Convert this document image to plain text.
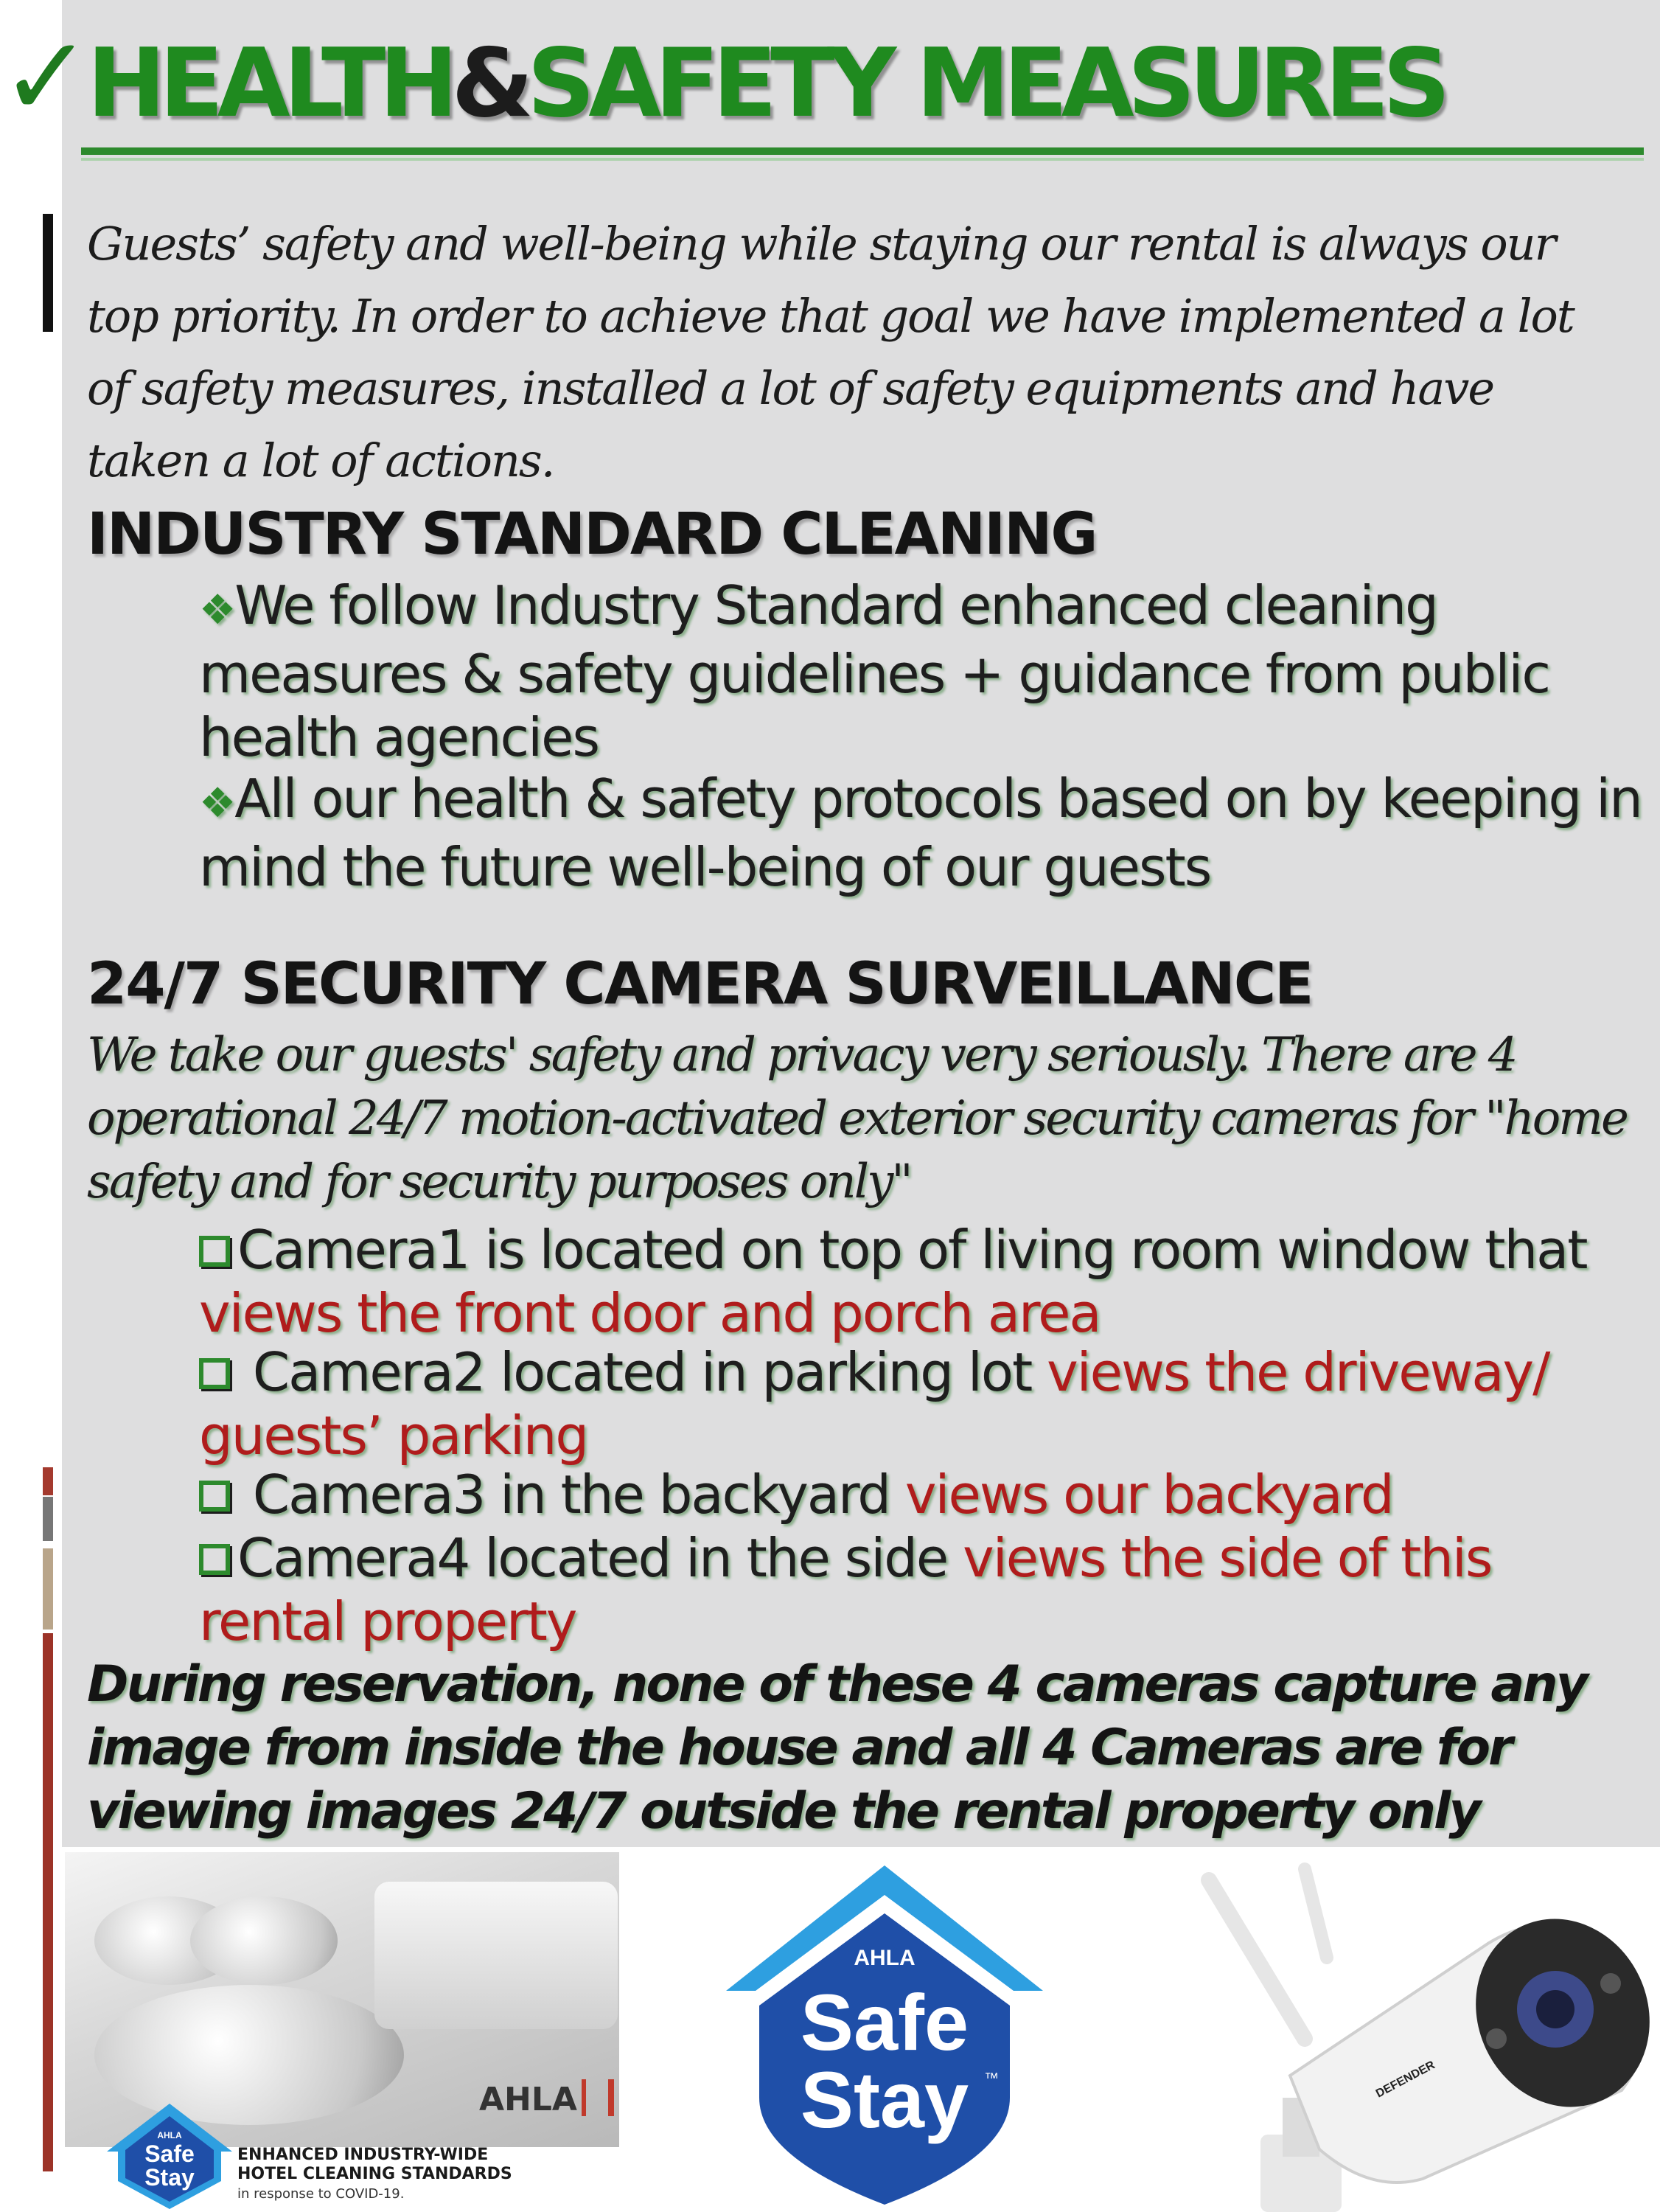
✓
HEALTH&SAFETY MEASURES

Guests’ safety and well-being while staying our rental is always our top priority. In order to achieve that goal we have implemented a lot of safety measures, installed a lot of safety equipments and have taken a lot of actions.

INDUSTRY STANDARD CLEANING

❖We follow Industry Standard enhanced cleaning measures & safety guidelines + guidance from public health agencies

❖All our health & safety protocols based on by keeping in mind the future well-being of our guests

24/7 SECURITY CAMERA SURVEILLANCE

We take our guests' safety and privacy very seriously. There are 4 operational 24/7 motion-activated exterior security cameras for "home safety and for security purposes only"

Camera1 is located on top of living room window that views the front door and porch area

Camera2 located in parking lot views the driveway/ guests’ parking

Camera3 in the backyard views our backyard

Camera4 located in the side views the side of this rental property

During reservation, none of these 4 cameras capture any image from inside the house and all 4 Cameras are for viewing images 24/7 outside the rental property only

AHLA
AHLA
Safe
Stay

ENHANCED INDUSTRY-WIDE
HOTEL CLEANING STANDARDS
in response to COVID-19.

AHLA
Safe
Stay ™	DEFENDER
